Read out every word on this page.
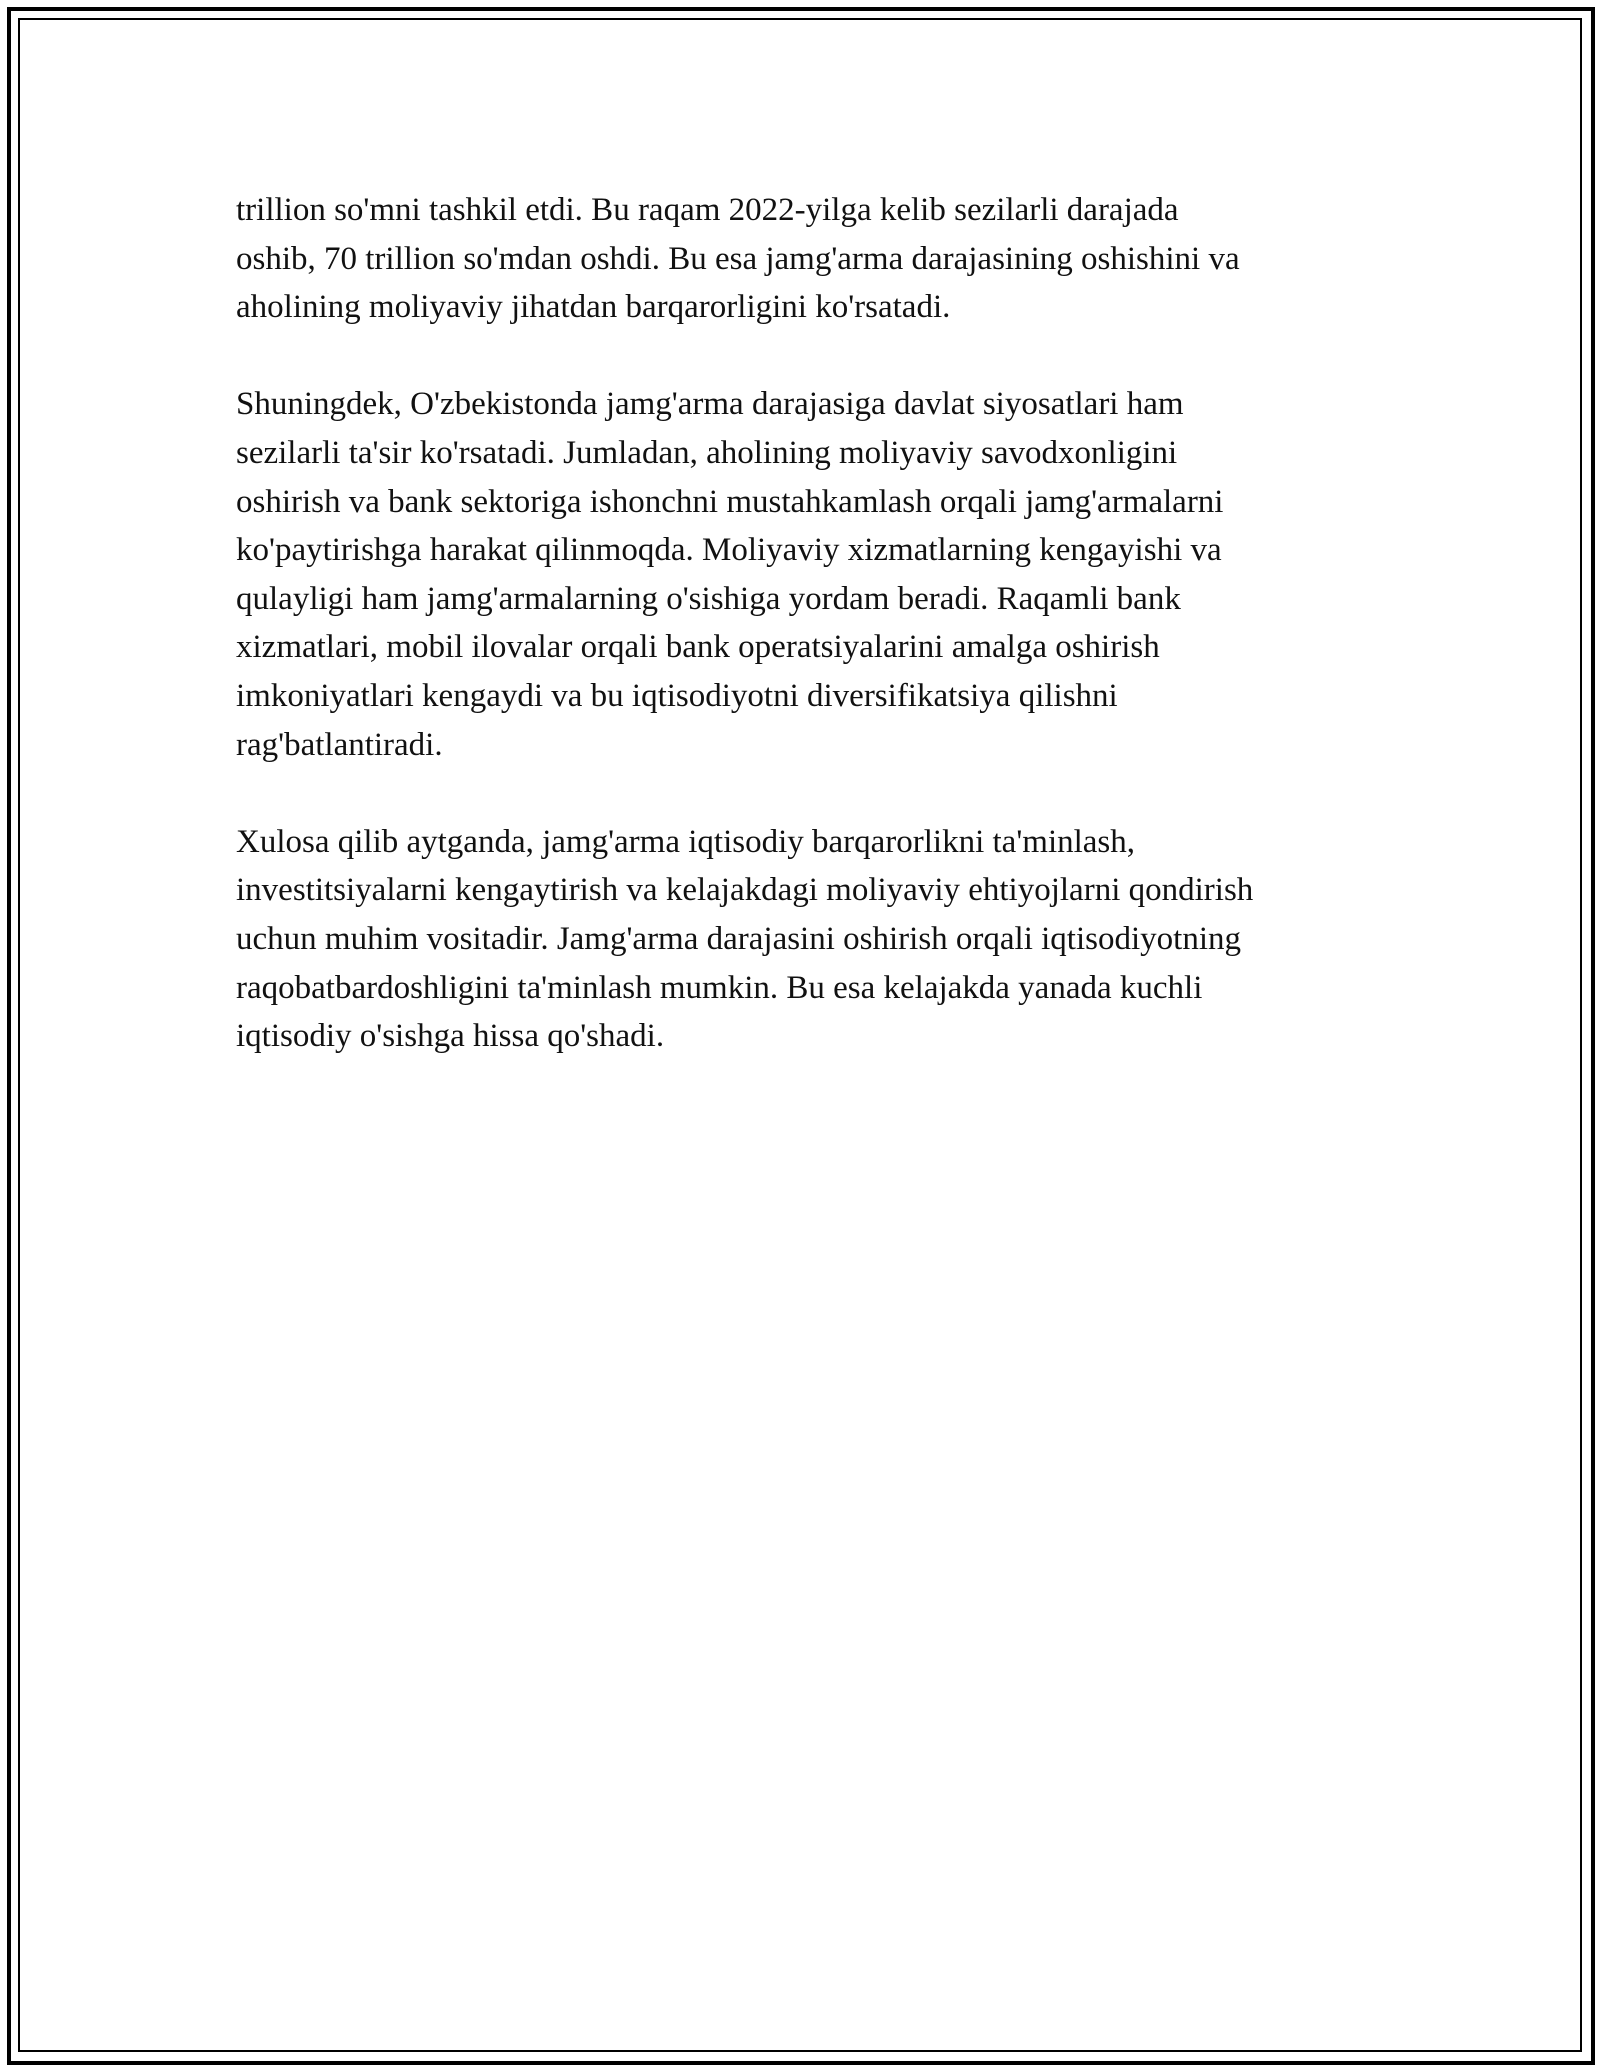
trillion so'mni tashkil etdi. Bu raqam 2022-yilga kelib sezilarli darajada
oshib, 70 trillion so'mdan oshdi. Bu esa jamg'arma darajasining oshishini va
aholining moliyaviy jihatdan barqarorligini ko'rsatadi.

Shuningdek, O'zbekistonda jamg'arma darajasiga davlat siyosatlari ham
sezilarli ta'sir ko'rsatadi. Jumladan, aholining moliyaviy savodxonligini
oshirish va bank sektoriga ishonchni mustahkamlash orqali jamg'armalarni
ko'paytirishga harakat qilinmoqda. Moliyaviy xizmatlarning kengayishi va
qulayligi ham jamg'armalarning o'sishiga yordam beradi. Raqamli bank
xizmatlari, mobil ilovalar orqali bank operatsiyalarini amalga oshirish
imkoniyatlari kengaydi va bu iqtisodiyotni diversifikatsiya qilishni
rag'batlantiradi.

Xulosa qilib aytganda, jamg'arma iqtisodiy barqarorlikni ta'minlash,
investitsiyalarni kengaytirish va kelajakdagi moliyaviy ehtiyojlarni qondirish
uchun muhim vositadir. Jamg'arma darajasini oshirish orqali iqtisodiyotning
raqobatbardoshligini ta'minlash mumkin. Bu esa kelajakda yanada kuchli
iqtisodiy o'sishga hissa qo'shadi.
